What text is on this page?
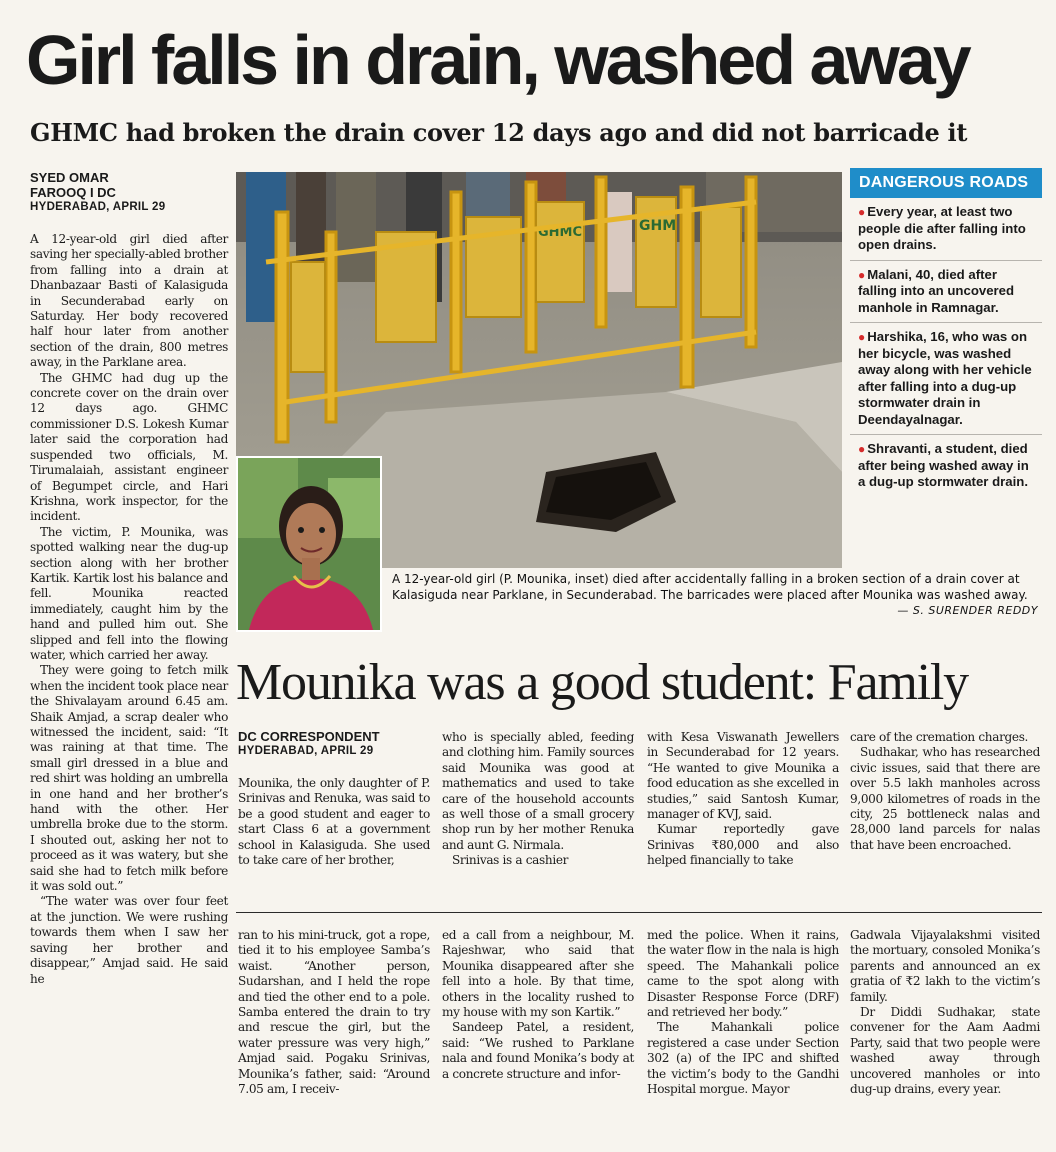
Girl falls in drain, washed away
GHMC had broken the drain cover 12 days ago and did not barricade it
SYED OMAR
FAROOQ I DC
HYDERABAD, APRIL 29

A 12-year-old girl died after saving her specially-abled brother from falling into a drain at Dhanbazaar Basti of Kalasiguda in Secunderabad early on Saturday. Her body recovered half hour later from another section of the drain, 800 metres away, in the Parklane area.

The GHMC had dug up the concrete cover on the drain over 12 days ago. GHMC commissioner D.S. Lokesh Kumar later said the corporation had suspended two officials, M. Tirumalaiah, assistant engineer of Begumpet circle, and Hari Krishna, work inspector, for the incident.

The victim, P. Mounika, was spotted walking near the dug-up section along with her brother Kartik. Kartik lost his balance and fell. Mounika reacted immediately, caught him by the hand and pulled him out. She slipped and fell into the flowing water, which carried her away.

They were going to fetch milk when the incident took place near the Shivalayam around 6.45 am. Shaik Amjad, a scrap dealer who witnessed the incident, said: “It was raining at that time. The small girl dressed in a blue and red shirt was holding an umbrella in one hand and her brother’s hand with the other. Her umbrella broke due to the storm. I shouted out, asking her not to proceed as it was watery, but she said she had to fetch milk before it was sold out.”

“The water was over four feet at the junction. We were rushing towards them when I saw her saving her brother and disappear,” Amjad said. He said he

GHMC	GHM
A 12-year-old girl (P. Mounika, inset) died after accidentally falling in a broken section of a drain cover at Kalasiguda near Parklane, in Secunderabad. The barricades were placed after Mounika was washed away.
— S. SURENDER REDDY
DANGEROUS ROADS
● Every year, at least two people die after falling into open drains.
● Malani, 40, died after falling into an uncovered manhole in Ramnagar.
● Harshika, 16, who was on her bicycle, was washed away along with her vehicle after falling into a dug-up stormwater drain in Deendayalnagar.
● Shravanti, a student, died after being washed away in a dug-up stormwater drain.
Mounika was a good student: Family
DC CORRESPONDENT
HYDERABAD, APRIL 29

Mounika, the only daughter of P. Srinivas and Renuka, was said to be a good student and eager to start Class 6 at a government school in Kalasiguda. She used to take care of her brother,

who is specially abled, feeding and clothing him. Family sources said Mounika was good at mathematics and used to take care of the household accounts as well those of a small grocery shop run by her mother Renuka and aunt G. Nirmala.

Srinivas is a cashier

with Kesa Viswanath Jewellers in Secunderabad for 12 years. “He wanted to give Mounika a food education as she excelled in studies,” said Santosh Kumar, manager of KVJ, said.

Kumar reportedly gave Srinivas ₹80,000 and also helped financially to take

care of the cremation charges.

Sudhakar, who has researched civic issues, said that there are over 5.5 lakh manholes across 9,000 kilometres of roads in the city, 25 bottleneck nalas and 28,000 land parcels for nalas that have been encroached.

ran to his mini-truck, got a rope, tied it to his employee Samba’s waist. “Another person, Sudarshan, and I held the rope and tied the other end to a pole. Samba entered the drain to try and rescue the girl, but the water pressure was very high,” Amjad said. Pogaku Srinivas, Mounika’s father, said: “Around 7.05 am, I receiv-

ed a call from a neighbour, M. Rajeshwar, who said that Mounika disappeared after she fell into a hole. By that time, others in the locality rushed to my house with my son Kartik.”

Sandeep Patel, a resident, said: “We rushed to Parklane nala and found Monika’s body at a concrete structure and infor-

med the police. When it rains, the water flow in the nala is high speed. The Mahankali police came to the spot along with Disaster Response Force (DRF) and retrieved her body.”

The Mahankali police registered a case under Section 302 (a) of the IPC and shifted the victim’s body to the Gandhi Hospital morgue. Mayor

Gadwala Vijayalakshmi visited the mortuary, consoled Monika’s parents and announced an ex gratia of ₹2 lakh to the victim’s family.

Dr Diddi Sudhakar, state convener for the Aam Aadmi Party, said that two people were washed away through uncovered manholes or into dug-up drains, every year.
